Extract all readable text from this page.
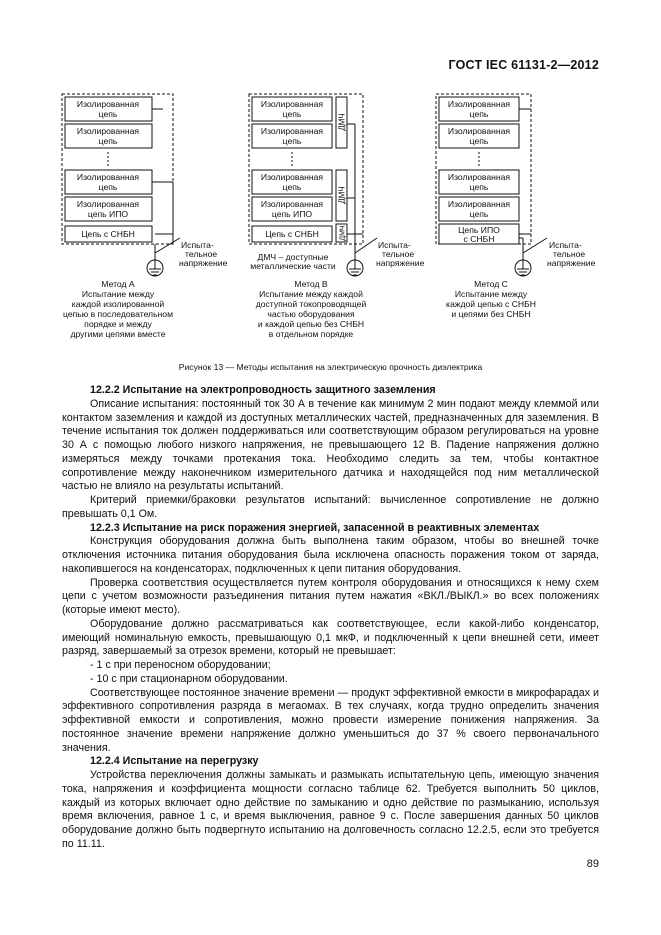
ГОСТ IEC 61131-2—2012
Изолированная
цепь
Изолированная
цепь
Изолированная
цепь
Изолированная
цепь ИПО
Цепь с СНБН
Испыта-
тельное
напряжение
Метод А
Испытание между
каждой изолированной
цепью в последовательном
порядке и между
другими цепями вместе
Изолированная
цепь
Изолированная
цепь
Изолированная
цепь
Изолированная
цепь ИПО
Цепь с СНБН
ДМЧ
ДМЧ
ДМЧ
Испыта-
тельное
напряжение
ДМЧ – доступные
металлические части
Метод В
Испытание между каждой
доступной токопроводящей
частью оборудования
и каждой цепью без СНБН
в отдельном порядке
Изолированная
цепь
Изолированная
цепь
Изолированная
цепь
Изолированная
цепь
Цепь ИПО
с СНБН
Испыта-
тельное
напряжение
Метод С
Испытание между
каждой цепью с СНБН
и цепями без СНБН
Рисунок 13 — Методы испытания на электрическую прочность диэлектрика

12.2.2 Испытание на электропроводность защитного заземления

Описание испытания: постоянный ток 30 А в течение как минимум 2 мин подают между клеммой или контактом заземления и каждой из доступных металлических частей, предназначенных для заземления. В течение испытания ток должен поддерживаться или соответствующим образом регулироваться на уровне 30 А с помощью любого низкого напряжения, не превышающего 12 В. Падение напряжения должно измеряться между точками протекания тока. Необходимо следить за тем, чтобы контактное сопротивление между наконечником измерительного датчика и находящейся под ним металлической частью не влияло на результаты испытаний.

Критерий приемки/браковки результатов испытаний: вычисленное сопротивление не должно превышать 0,1 Ом.

12.2.3 Испытание на риск поражения энергией, запасенной в реактивных элементах

Конструкция оборудования должна быть выполнена таким образом, чтобы во внешней точке отключения источника питания оборудования была исключена опасность поражения током от заряда, накопившегося на конденсаторах, подключенных к цепи питания оборудования.

Проверка соответствия осуществляется путем контроля оборудования и относящихся к нему схем цепи с учетом возможности разъединения питания путем нажатия «ВКЛ./ВЫКЛ.» во всех положениях (которые имеют место).

Оборудование должно рассматриваться как соответствующее, если какой-либо конденсатор, имеющий номинальную емкость, превышающую 0,1 мкФ, и подключенный к цепи внешней сети, имеет разряд, завершаемый за отрезок времени, который не превышает:

- 1 с при переносном оборудовании;

- 10 с при стационарном оборудовании.

Соответствующее постоянное значение времени — продукт эффективной емкости в микрофарадах и эффективного сопротивления разряда в мегаомах. В тех случаях, когда трудно определить значения эффективной емкости и сопротивления, можно провести измерение понижения напряжения. За постоянное значение времени напряжение должно уменьшиться до 37 % своего первоначального значения.

12.2.4 Испытание на перегрузку

Устройства переключения должны замыкать и размыкать испытательную цепь, имеющую значения тока, напряжения и коэффициента мощности согласно таблице 62. Требуется выполнить 50 циклов, каждый из которых включает одно действие по замыканию и одно действие по размыканию, используя время включения, равное 1 с, и время выключения, равное 9 с. После завершения данных 50 циклов оборудование должно быть подвергнуто испытанию на долговечность согласно 12.2.5, если это требуется по 11.11.

89
